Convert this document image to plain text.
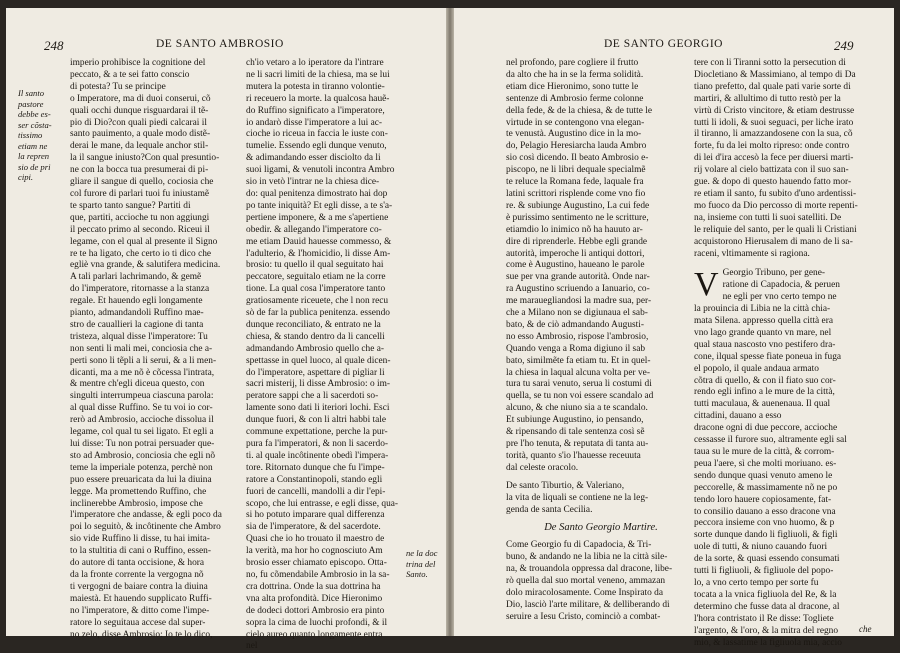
248	DE SANTO AMBROSIO

Il santo

pastore

debbe es-

ser cõsta-

tissimo

etiam ne

la repren

sio de pri

cipi.

imperio prohibisce la cognitione del

peccato, & a te sei fatto conscio

di potesta? Tu se principe

o Imperatore, ma di duoi conserui, cõ

quali occhi dunque risguardarai il tẽ-

pio di Dio?con quali piedi calcarai il

santo pauimento, a quale modo distẽ-

derai le mane, da lequale anchor stil-

la il sangue iniusto?Con qual presuntio-

ne con la bocca tua presumerai di pi-

gliare il sangue di quello, cociosia che

col furore di parlari tuoi fu iniustamẽ

te sparto tanto sangue? Partiti di

que, partiti, accioche tu non aggiungi

il peccato primo al secondo. Riceui il

legame, con el qual al presente il Signo

re te ha ligato, che certo io ti dico che

egliè vna grande, & salutifera medicina.

A tali parlari lachrimando, & gemẽ

do l'imperatore, ritornasse a la stanza

regale. Et hauendo egli longamente

pianto, admandandoli Ruffino mae-

stro de cauallieri la cagione di tanta

tristeza, alqual disse l'imperatore: Tu

non senti li mali mei, conciosia che a-

perti sono li tẽpli a li serui, & a li men-

dicanti, ma a me nõ è cõcessa l'intrata,

& mentre ch'egli diceua questo, con

singulti interrumpeua ciascuna parola:

al qual disse Ruffino. Se tu voi io cor-

rerò ad Ambrosio, accioche dissolua il

legame, col qual tu sei ligato. Et egli a

lui disse: Tu non potrai persuader que-

sto ad Ambrosio, conciosia che egli nõ

teme la imperiale potenza, perchè non

puo essere preuaricata da lui la diuina

legge. Ma promettendo Ruffino, che

inclinerebbe Ambrosio, impose che

l'imperatore che andasse, & egli poco da

poi lo seguitò, & incôtinente che Ambro

sio vide Ruffino li disse, tu hai imita-

to la stultitia di cani o Ruffino, essen-

do autore di tanta occisione, & hora

da la fronte corrente la vergogna nõ

ti vergogni de baiare contra la diuina

maiestà. Et hauendo supplicato Ruffi-

no l'imperatore, & ditto come l'impe-

ratore lo seguitaua accese dal super-

no zelo, disse Ambrosio: Io te lo dico,

ch'io vetaro a lo iperatore da l'intrare

ne li sacri limiti de la chiesa, ma se lui

mutera la potesta in tiranno volontie-

ri receuero la morte. la qualcosa hauẽ-

do Ruffino significato a l'imperatore,

io andarò disse l'imperatore a lui ac-

cioche io riceua in faccia le iuste con-

tumelie. Essendo egli dunque venuto,

& adimandando esser disciolto da li

suoi ligami, & venutoli incontra Ambro

sio in vetò l'intrar ne la chiesa dice-

do: qual penitenza dimostrato hai dop

po tante iniquità? Et egli disse, a te s'a-

pertiene imponere, & a me s'apertiene

obedir. & allegando l'imperatore co-

me etiam Dauid hauesse commesso, &

l'adulterio, & l'homicidio, li disse Am-

brosio: tu quello il qual seguitato hai

peccatore, seguitalo etiam ne la corre

tione. La qual cosa l'imperatore tanto

gratiosamente riceuete, che l non recu

sò de far la publica penitenza. essendo

dunque reconciliato, & entrato ne la

chiesa, & stando dentro da li cancelli

admandando Ambrosio quello che a-

spettasse in quel luoco, al quale dicen-

do l'imperatore, aspettare di pigliar li

sacri misterij, li disse Ambrosio: o im-

peratore sappi che a li sacerdoti so-

lamente sono dati li iteriori lochi. Esci

dunque fuori, & con li altri habbi tale

commune expettatione, perche la pur-

pura fa l'imperatori, & non li sacerdo-

ti. al quale incôtinente obedì l'impera-

tore. Ritornato dunque che fu l'impe-

ratore a Constantinopoli, stando egli

fuori de cancelli, mandolli a dir l'epi-

scopo, che lui entrasse, e egli disse, qua-

si ho potuto imparare qual differenza

sia de l'imperatore, & del sacerdote.

Quasi che io ho trouato il maestro de

la verità, ma hor ho cognosciuto Am

brosio esser chiamato episcopo. Otta-

no, fu cõmendabile Ambrosio in la sa-

cra dottrina. Onde la sua dottrina ha

vna alta profondità. Dice Hieronimo

de dodeci dottori Ambrosio era pinto

sopra la cima de luochi profondi, & il

cielo aureo quanto longamente entra

nel

ne la doc

trina del

Santo.

DE SANTO GEORGIO	249

nel profondo, pare cogliere il frutto

da alto che ha in se la ferma solidità.

etiam dice Hieronimo, sono tutte le

sentenze di Ambrosio ferme colonne

della fede, & de la chiesa, & de tutte le

virtude in se contengono vna elegan-

te venustà. Augustino dice in la mo-

do, Pelagio Heresiarcha lauda Ambro

sio così dicendo. Il beato Ambrosio e-

piscopo, ne li libri dequale specialmẽ

te reluce la Romana fede, laquale fra

latini scrittori risplende come vno fio

re. & subiunge Augustino, La cui fede

è purissimo sentimento ne le scritture,

etiamdio lo inimico nõ ha hauuto ar-

dire di riprenderle. Hebbe egli grande

autorità, imperoche li antiqui dottori,

come è Augustino, haueano le parole

sue per vna grande autorità. Onde nar-

ra Augustino scriuendo a Ianuario, co-

me marauegliandosi la madre sua, per-

che a Milano non se digiunaua el sab-

bato, & de ciò admandando Augusti-

no esso Ambrosio, rispose l'ambrosio,

Quando venga a Roma digiuno il sab

bato, similmẽte fa etiam tu. Et in quel-

la chiesa in laqual alcuna volta per ve-

tura tu sarai venuto, serua li costumi di

quella, se tu non voi essere scandalo ad

alcuno, & che niuno sia a te scandalo.

Et subiunge Augustino, io pensando,

& ripensando di tale sentenza così sẽ

pre l'ho tenuta, & reputata di tanta au-

torità, quanto s'io l'hauesse receuuta

dal celeste oracolo.

De santo Tiburtio, & Valeriano,

la vita de liquali se contiene ne la leg-

genda de santa Cecilia.

De Santo Georgio Martire.

Come Georgio fu di Capadocia, & Tri-

buno, & andando ne la libia ne la città sile-

na, & trouandola oppressa dal dracone, libe-

rò quella dal suo mortal veneno, ammazan

dolo miracolosamente. Come Inspirato da

Dio, lasciò l'arte militare, & delliberando di

seruire a Iesu Cristo, cominciò a combat-

tere con li Tiranni sotto la persecution di

Diocletiano & Massimiano, al tempo di Da

tiano prefetto, dal quale pati varie sorte di

martiri, & allultimo di tutto restò per la

virtù di Cristo vincitore, & etiam destrusse

tutti li idoli, & suoi seguaci, per liche irato

il tiranno, li amazzandosene con la sua, cõ

forte, fu da lei molto ripreso: onde contro

di lei d'ira accesò la fece per diuersi marti-

rij volare al cielo battizata con il suo san-

gue. & dopo di questo hauendo fatto mor-

re etiam il santo, fu subito d'uno ardentissi-

mo fuoco da Dio percosso di morte repenti-

na, insieme con tutti li suoi satelliti. De

le reliquie del santo, per le quali li Cristiani

acquistorono Hierusalem di mano de li sa-

raceni, vltimamente si ragiona.

V Georgio Tribuno, per gene-

ratione di Capadocia, & peruen

ne egli per vno certo tempo ne

la prouincia di Libia ne la città chia-

mata Silena. appresso quella città era

vno lago grande quanto vn mare, nel

qual staua nascosto vno pestifero dra-

cone, ilqual spesse fiate poneua in fuga

el popolo, il quale andaua armato

cõtra di quello, & con il fiato suo cor-

rendo egli infino a le mure de la città,

tutti maculaua, & auenenaua. Il qual

cittadini, dauano a esso

dracone ogni di due peccore, accioche

cessasse il furore suo, altramente egli sal

taua su le mure de la città, & corrom-

peua l'aere, sì che molti moriuano. es-

sendo dunque quasi venuto ameno le

peccorelle, & massimamente nõ ne po

tendo loro hauere copiosamente, fat-

to consilio dauano a esso dracone vna

peccora insieme con vno huomo, & p

sorte dunque dando li figliuoli, & figli

uole di tutti, & niuno cauando fuori

de la sorte, & quasi essendo consumati

tutti li figliuoli, & figliuole del popo-

lo, a vno certo tempo per sorte fu

tocata a la vnica figliuola del Re, & la

determino che fusse data al dracone, al

l'hora contristato il Re disse: Togliete

l'argento, & l'oro, & la mitra del regno

mio, & lassatime la figliuola mia, accio

che
